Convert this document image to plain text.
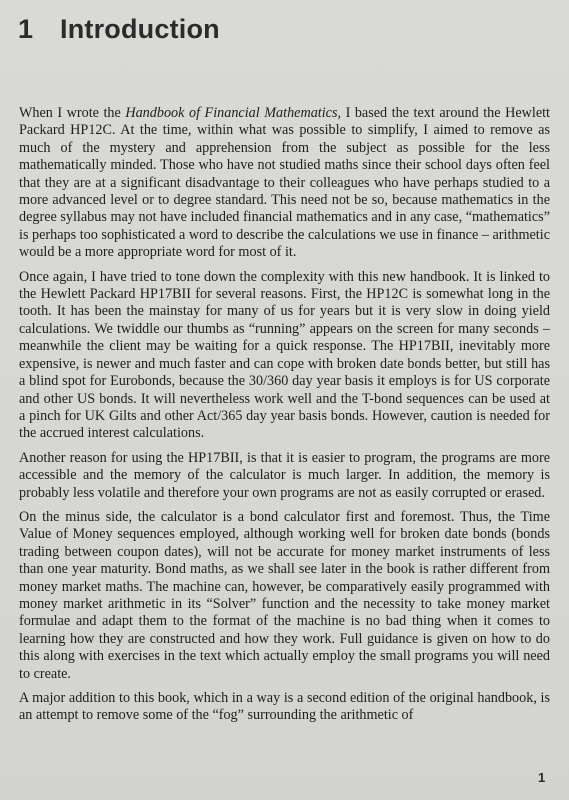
1 Introduction

When I wrote the Handbook of Financial Mathematics, I based the text around the Hewlett Packard HP12C. At the time, within what was possible to simplify, I aimed to remove as much of the mystery and apprehension from the subject as possible for the less mathematically minded. Those who have not studied maths since their school days often feel that they are at a significant disadvantage to their colleagues who have perhaps studied to a more advanced level or to degree standard. This need not be so, because mathematics in the degree syllabus may not have included financial mathematics and in any case, “mathematics” is perhaps too sophisticated a word to describe the calculations we use in finance – arithmetic would be a more appropriate word for most of it.

Once again, I have tried to tone down the complexity with this new handbook. It is linked to the Hewlett Packard HP17BII for several reasons. First, the HP12C is somewhat long in the tooth. It has been the mainstay for many of us for years but it is very slow in doing yield calculations. We twiddle our thumbs as “running” appears on the screen for many seconds – meanwhile the client may be waiting for a quick response. The HP17BII, inevitably more expensive, is newer and much faster and can cope with broken date bonds better, but still has a blind spot for Eurobonds, because the 30/360 day year basis it employs is for US corporate and other US bonds. It will nevertheless work well and the T-bond sequences can be used at a pinch for UK Gilts and other Act/365 day year basis bonds. However, caution is needed for the accrued interest calculations.

Another reason for using the HP17BII, is that it is easier to program, the programs are more accessible and the memory of the calculator is much larger. In addition, the memory is probably less volatile and therefore your own programs are not as easily corrupted or erased.

On the minus side, the calculator is a bond calculator first and foremost. Thus, the Time Value of Money sequences employed, although working well for broken date bonds (bonds trading between coupon dates), will not be accurate for money market instruments of less than one year maturity. Bond maths, as we shall see later in the book is rather different from money market maths. The machine can, however, be comparatively easily programmed with money market arithmetic in its “Solver” function and the necessity to take money market formulae and adapt them to the format of the machine is no bad thing when it comes to learning how they are constructed and how they work. Full guidance is given on how to do this along with exercises in the text which actually employ the small programs you will need to create.

A major addition to this book, which in a way is a second edition of the original handbook, is an attempt to remove some of the “fog” surrounding the arithmetic of

1
